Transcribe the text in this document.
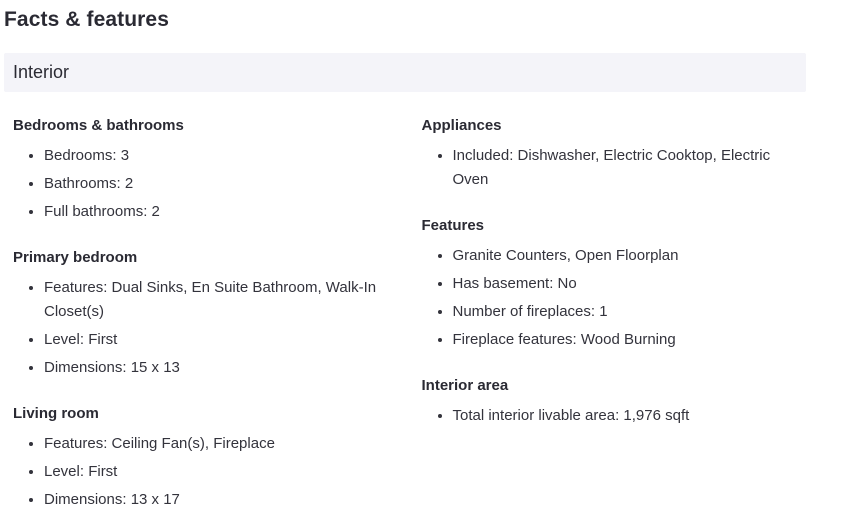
Facts & features
Interior
Bedrooms & bathrooms
• Bedrooms: 3
• Bathrooms: 2
• Full bathrooms: 2
Primary bedroom
• Features: Dual Sinks, En Suite Bathroom, Walk-In Closet(s)
• Level: First
• Dimensions: 15 x 13
Living room
• Features: Ceiling Fan(s), Fireplace
• Level: First
• Dimensions: 13 x 17
Appliances
• Included: Dishwasher, Electric Cooktop, Electric Oven
Features
• Granite Counters, Open Floorplan
• Has basement: No
• Number of fireplaces: 1
• Fireplace features: Wood Burning
Interior area
• Total interior livable area: 1,976 sqft
